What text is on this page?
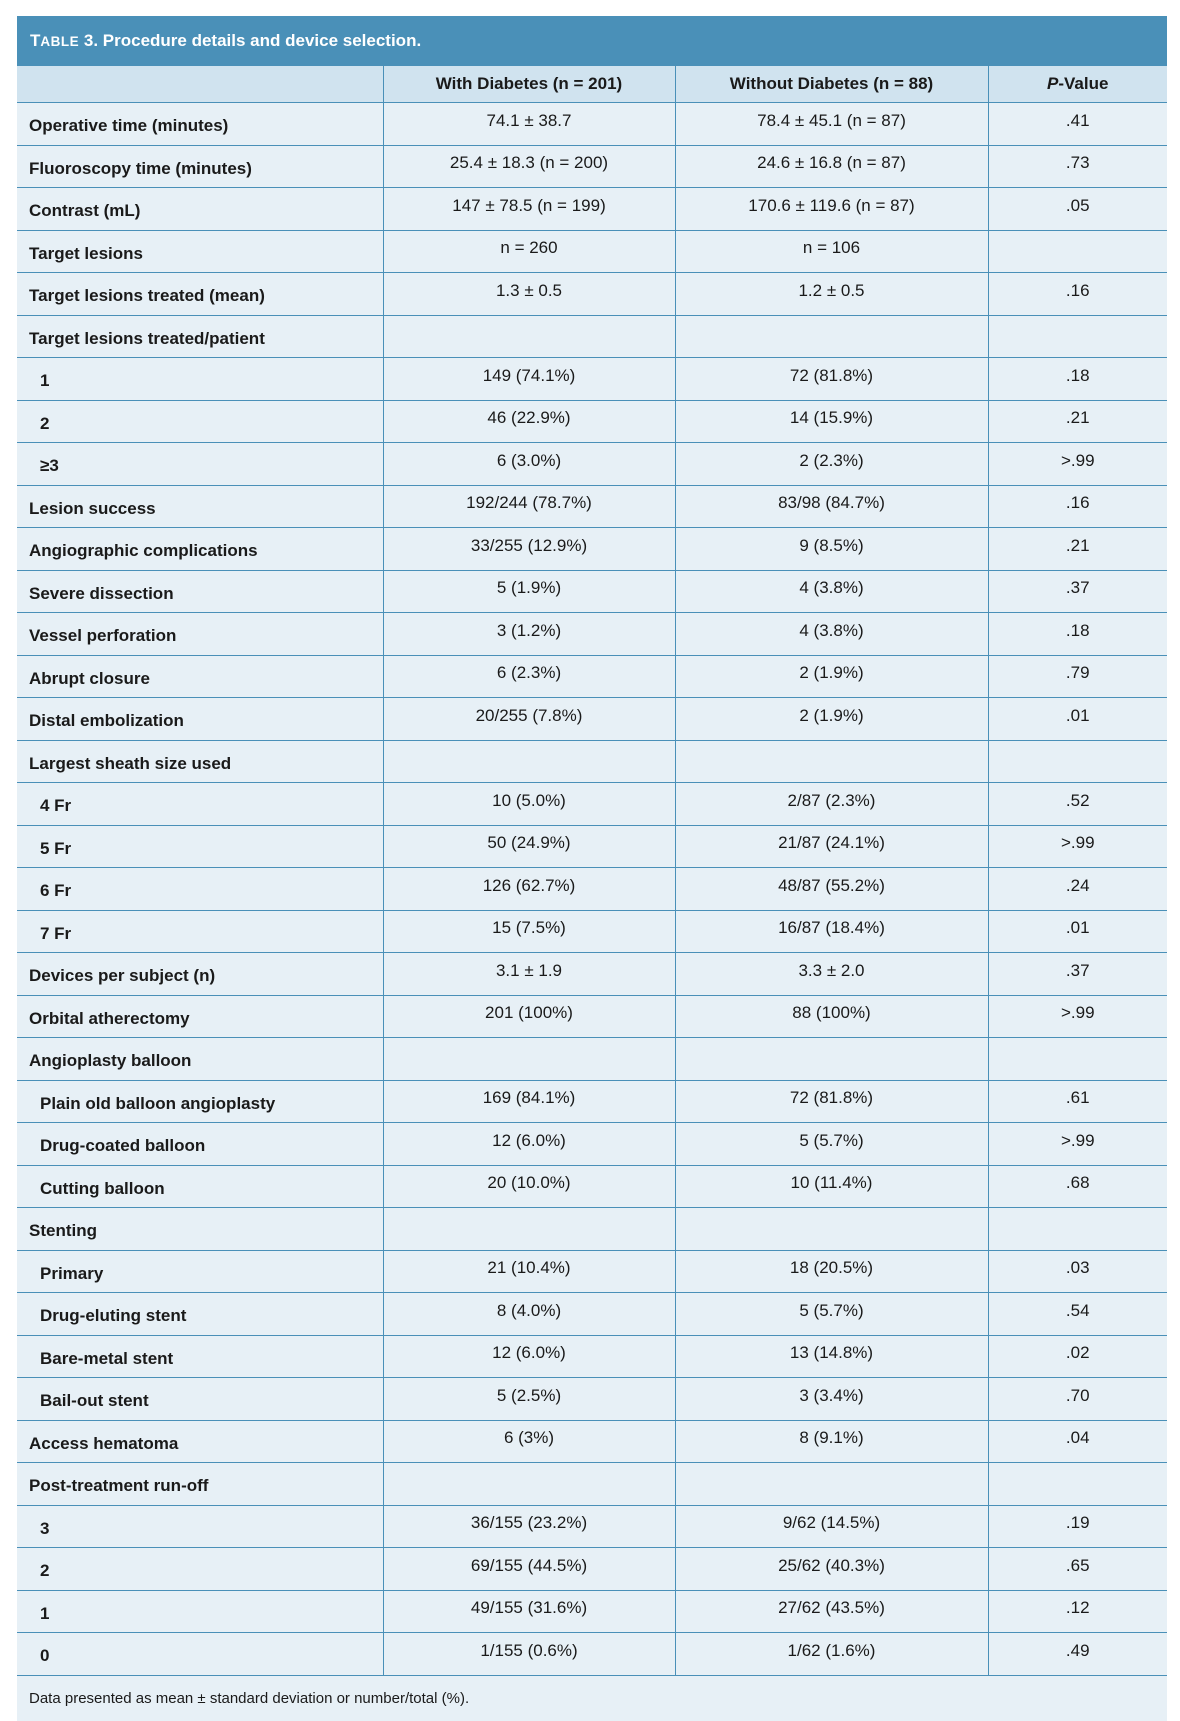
T ABLE
3. Procedure details and device selection.
	With Diabetes (n = 201)	Without Diabetes (n = 88)	P-Value
Operative time (minutes)	74.1 ± 38.7	78.4 ± 45.1 (n = 87)	.41
Fluoroscopy time (minutes)	25.4 ± 18.3 (n = 200)	24.6 ± 16.8 (n = 87)	.73
Contrast (mL)	147 ± 78.5 (n = 199)	170.6 ± 119.6 (n = 87)	.05
Target lesions	n = 260	n = 106	
Target lesions treated (mean)	1.3 ± 0.5	1.2 ± 0.5	.16
Target lesions treated/patient			
1	149 (74.1%)	72 (81.8%)	.18
2	46 (22.9%)	14 (15.9%)	.21
≥3	6 (3.0%)	2 (2.3%)	>.99
Lesion success	192/244 (78.7%)	83/98 (84.7%)	.16
Angiographic complications	33/255 (12.9%)	9 (8.5%)	.21
Severe dissection	5 (1.9%)	4 (3.8%)	.37
Vessel perforation	3 (1.2%)	4 (3.8%)	.18
Abrupt closure	6 (2.3%)	2 (1.9%)	.79
Distal embolization	20/255 (7.8%)	2 (1.9%)	.01
Largest sheath size used			
4 Fr	10 (5.0%)	2/87 (2.3%)	.52
5 Fr	50 (24.9%)	21/87 (24.1%)	>.99
6 Fr	126 (62.7%)	48/87 (55.2%)	.24
7 Fr	15 (7.5%)	16/87 (18.4%)	.01
Devices per subject (n)	3.1 ± 1.9	3.3 ± 2.0	.37
Orbital atherectomy	201 (100%)	88 (100%)	>.99
Angioplasty balloon			
Plain old balloon angioplasty	169 (84.1%)	72 (81.8%)	.61
Drug-coated balloon	12 (6.0%)	5 (5.7%)	>.99
Cutting balloon	20 (10.0%)	10 (11.4%)	.68
Stenting			
Primary	21 (10.4%)	18 (20.5%)	.03
Drug-eluting stent	8 (4.0%)	5 (5.7%)	.54
Bare-metal stent	12 (6.0%)	13 (14.8%)	.02
Bail-out stent	5 (2.5%)	3 (3.4%)	.70
Access hematoma	6 (3%)	8 (9.1%)	.04
Post-treatment run-off			
3	36/155 (23.2%)	9/62 (14.5%)	.19
2	69/155 (44.5%)	25/62 (40.3%)	.65
1	49/155 (31.6%)	27/62 (43.5%)	.12
0	1/155 (0.6%)	1/62 (1.6%)	.49
Data presented as mean ± standard deviation or number/total (%).
